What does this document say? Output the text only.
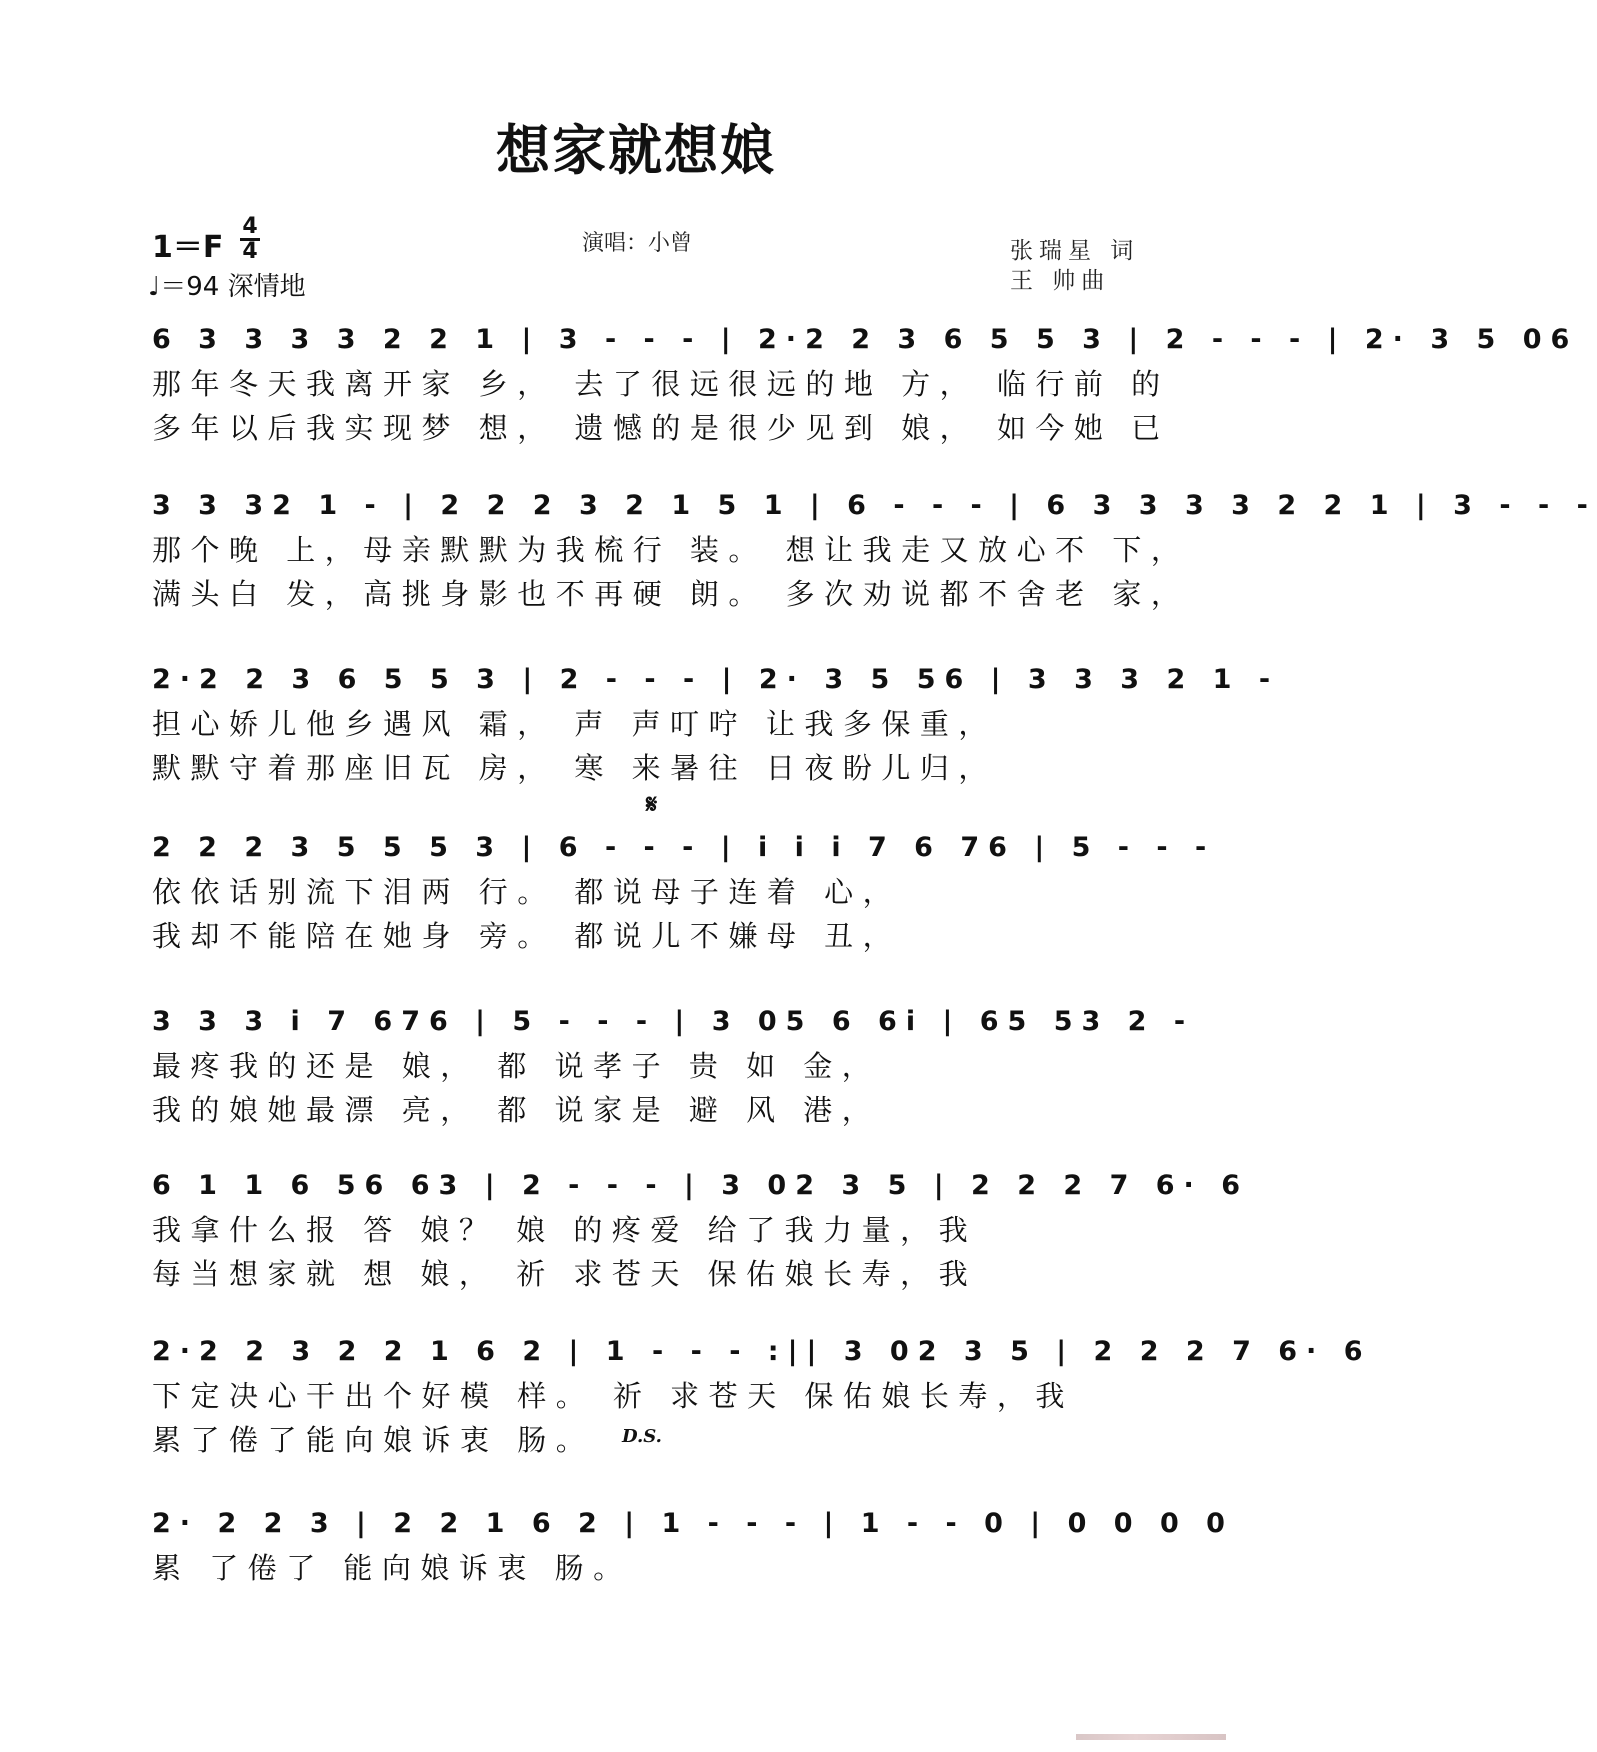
想家就想娘
1＝F
4
4
♩＝94 深情地
演唱：小曾	张瑞星 词
王 帅曲
6 3 3 3 3 2 2 1 | 3 - - - | 2·2 2 3 6 5 5 3 | 2 - - - | 2· 3 5 06
那年冬天我离开家 乡， 去了很远很远的地 方， 临行前 的
多年以后我实现梦 想， 遗憾的是很少见到 娘， 如今她 已
3 3 32 1 - | 2 2 2 3 2 1 5 1 | 6 - - - | 6 3 3 3 3 2 2 1 | 3 - - -
那个晚 上，母亲默默为我梳行 装。 想让我走又放心不 下，
满头白 发，高挑身影也不再硬 朗。 多次劝说都不舍老 家，
2·2 2 3 6 5 5 3 | 2 - - - | 2· 3 5 56 | 3 3 3 2 1 -
担心娇儿他乡遇风 霜， 声 声叮咛 让我多保重，
默默守着那座旧瓦 房， 寒 来暑往 日夜盼儿归，
𝄋
2 2 2 3 5 5 5 3 | 6 - - - | i i i 7 6 76 | 5 - - -
依依话别流下泪两 行。 都说母子连着 心，
我却不能陪在她身 旁。 都说儿不嫌母 丑，
3 3 3 i 7 676 | 5 - - - | 3 05 6 6i | 65 53 2 -
最疼我的还是 娘， 都 说孝子 贵 如 金，
我的娘她最漂 亮， 都 说家是 避 风 港，
6 1 1 6 56 63 | 2 - - - | 3 02 3 5 | 2 2 2 7 6· 6
我拿什么报 答 娘？ 娘 的疼爱 给了我力量，我
每当想家就 想 娘， 祈 求苍天 保佑娘长寿，我
2·2 2 3 2 2 1 6 2 | 1 - - - :|| 3 02 3 5 | 2 2 2 7 6· 6
下定决心干出个好模 样。 祈 求苍天 保佑娘长寿，我
累了倦了能向娘诉衷 肠。	D.S.
2· 2 2 3 | 2 2 1 6 2 | 1 - - - | 1 - - 0 | 0 0 0 0
累 了倦了 能向娘诉衷 肠。
